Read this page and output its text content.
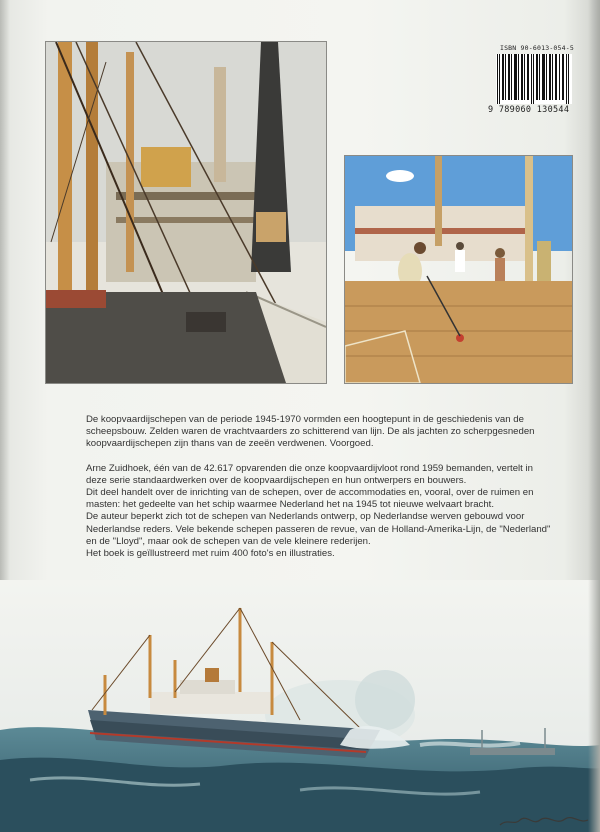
ISBN 90-6013-054-5
9 789060 130544

De koopvaardijschepen van de periode 1945-1970 vormden een hoogtepunt in de geschiedenis van de scheepsbouw. Zelden waren de vrachtvaarders zo schitterend van lijn. De als jachten zo scherpgesneden koopvaardijschepen zijn thans van de zeeën verdwenen. Voorgoed.

Arne Zuidhoek, één van de 42.617 opvarenden die onze koopvaardijvloot rond 1959 bemanden, vertelt in deze serie standaardwerken over de koopvaardijschepen en hun ontwerpers en bouwers.

Dit deel handelt over de inrichting van de schepen, over de accommodaties en, vooral, over de ruimen en masten: het gedeelte van het schip waarmee Nederland het na 1945 tot nieuwe welvaart bracht.

De auteur beperkt zich tot de schepen van Nederlands ontwerp, op Nederlandse werven gebouwd voor Nederlandse reders. Vele bekende schepen passeren de revue, van de Holland-Amerika-Lijn, de "Nederland" en de "Lloyd", maar ook de schepen van de vele kleinere rederijen.

Het boek is geïllustreerd met ruim 400 foto's en illustraties.
